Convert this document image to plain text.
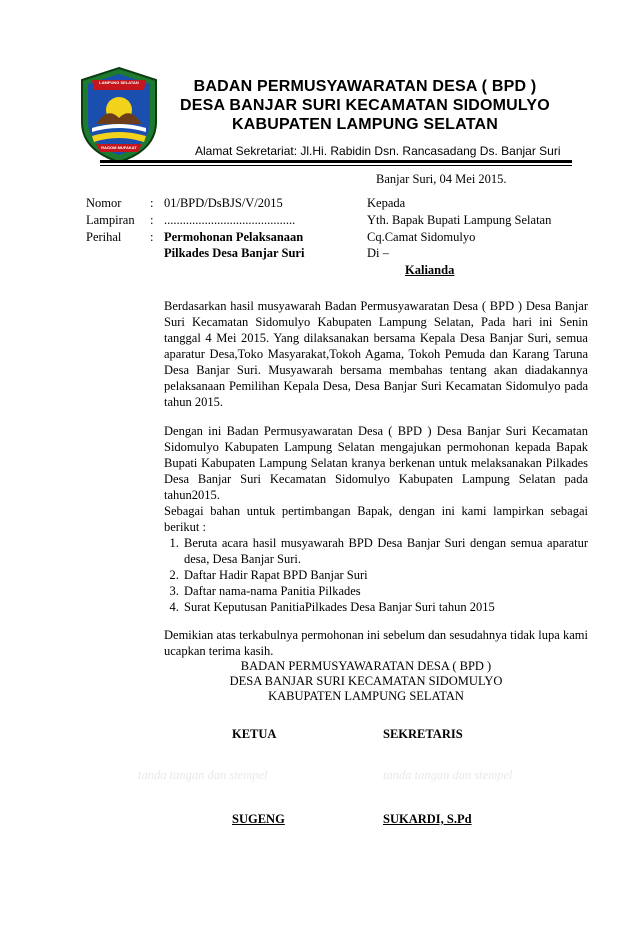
LAMPUNG SELATAN
RAGOM MUFAKAT
BADAN PERMUSYAWARATAN DESA ( BPD )
DESA BANJAR SURI KECAMATAN SIDOMULYO
KABUPATEN LAMPUNG SELATAN
Alamat Sekretariat: Jl.Hi. Rabidin Dsn. Rancasadang Ds. Banjar Suri
Banjar Suri, 04 Mei 2015.
Nomor : 01/BPD/DsBJS/V/2015
Lampiran : ..........................................
Perihal : Permohonan Pelaksanaan
Pilkades Desa Banjar Suri
Kepada
Yth. Bapak Bupati Lampung Selatan
Cq.Camat Sidomulyo
Di –
Kalianda

Berdasarkan hasil musyawarah Badan Permusyawaratan Desa ( BPD ) Desa Banjar Suri Kecamatan Sidomulyo Kabupaten Lampung Selatan, Pada hari ini Senin tanggal 4 Mei 2015. Yang dilaksanakan bersama Kepala Desa Banjar Suri, semua aparatur Desa,Toko Masyarakat,Tokoh Agama, Tokoh Pemuda dan Karang Taruna Desa Banjar Suri. Musyawarah bersama membahas tentang akan diadakannya pelaksanaan Pemilihan Kepala Desa, Desa Banjar Suri Kecamatan Sidomulyo pada tahun 2015.

Dengan ini Badan Permusyawaratan Desa ( BPD ) Desa Banjar Suri Kecamatan Sidomulyo Kabupaten Lampung Selatan mengajukan permohonan kepada Bapak Bupati Kabupaten Lampung Selatan kranya berkenan untuk melaksanakan Pilkades Desa Banjar Suri Kecamatan Sidomulyo Kabupaten Lampung Selatan pada tahun2015.

Sebagai bahan untuk pertimbangan Bapak, dengan ini kami lampirkan sebagai berikut :

1. Beruta acara hasil musyawarah BPD Desa Banjar Suri dengan semua aparatur desa, Desa Banjar Suri.
2. Daftar Hadir Rapat BPD Banjar Suri
3. Daftar nama-nama Panitia Pilkades
4. Surat Keputusan PanitiaPilkades Desa Banjar Suri tahun 2015

Demikian atas terkabulnya permohonan ini sebelum dan sesudahnya tidak lupa kami ucapkan terima kasih.

BADAN PERMUSYAWARATAN DESA ( BPD )
DESA BANJAR SURI KECAMATAN SIDOMULYO
KABUPATEN LAMPUNG SELATAN
KETUA	SEKRETARIS
tanda tangan dan stempel	tanda tangan dan stempel
SUGENG	SUKARDI, S.Pd
